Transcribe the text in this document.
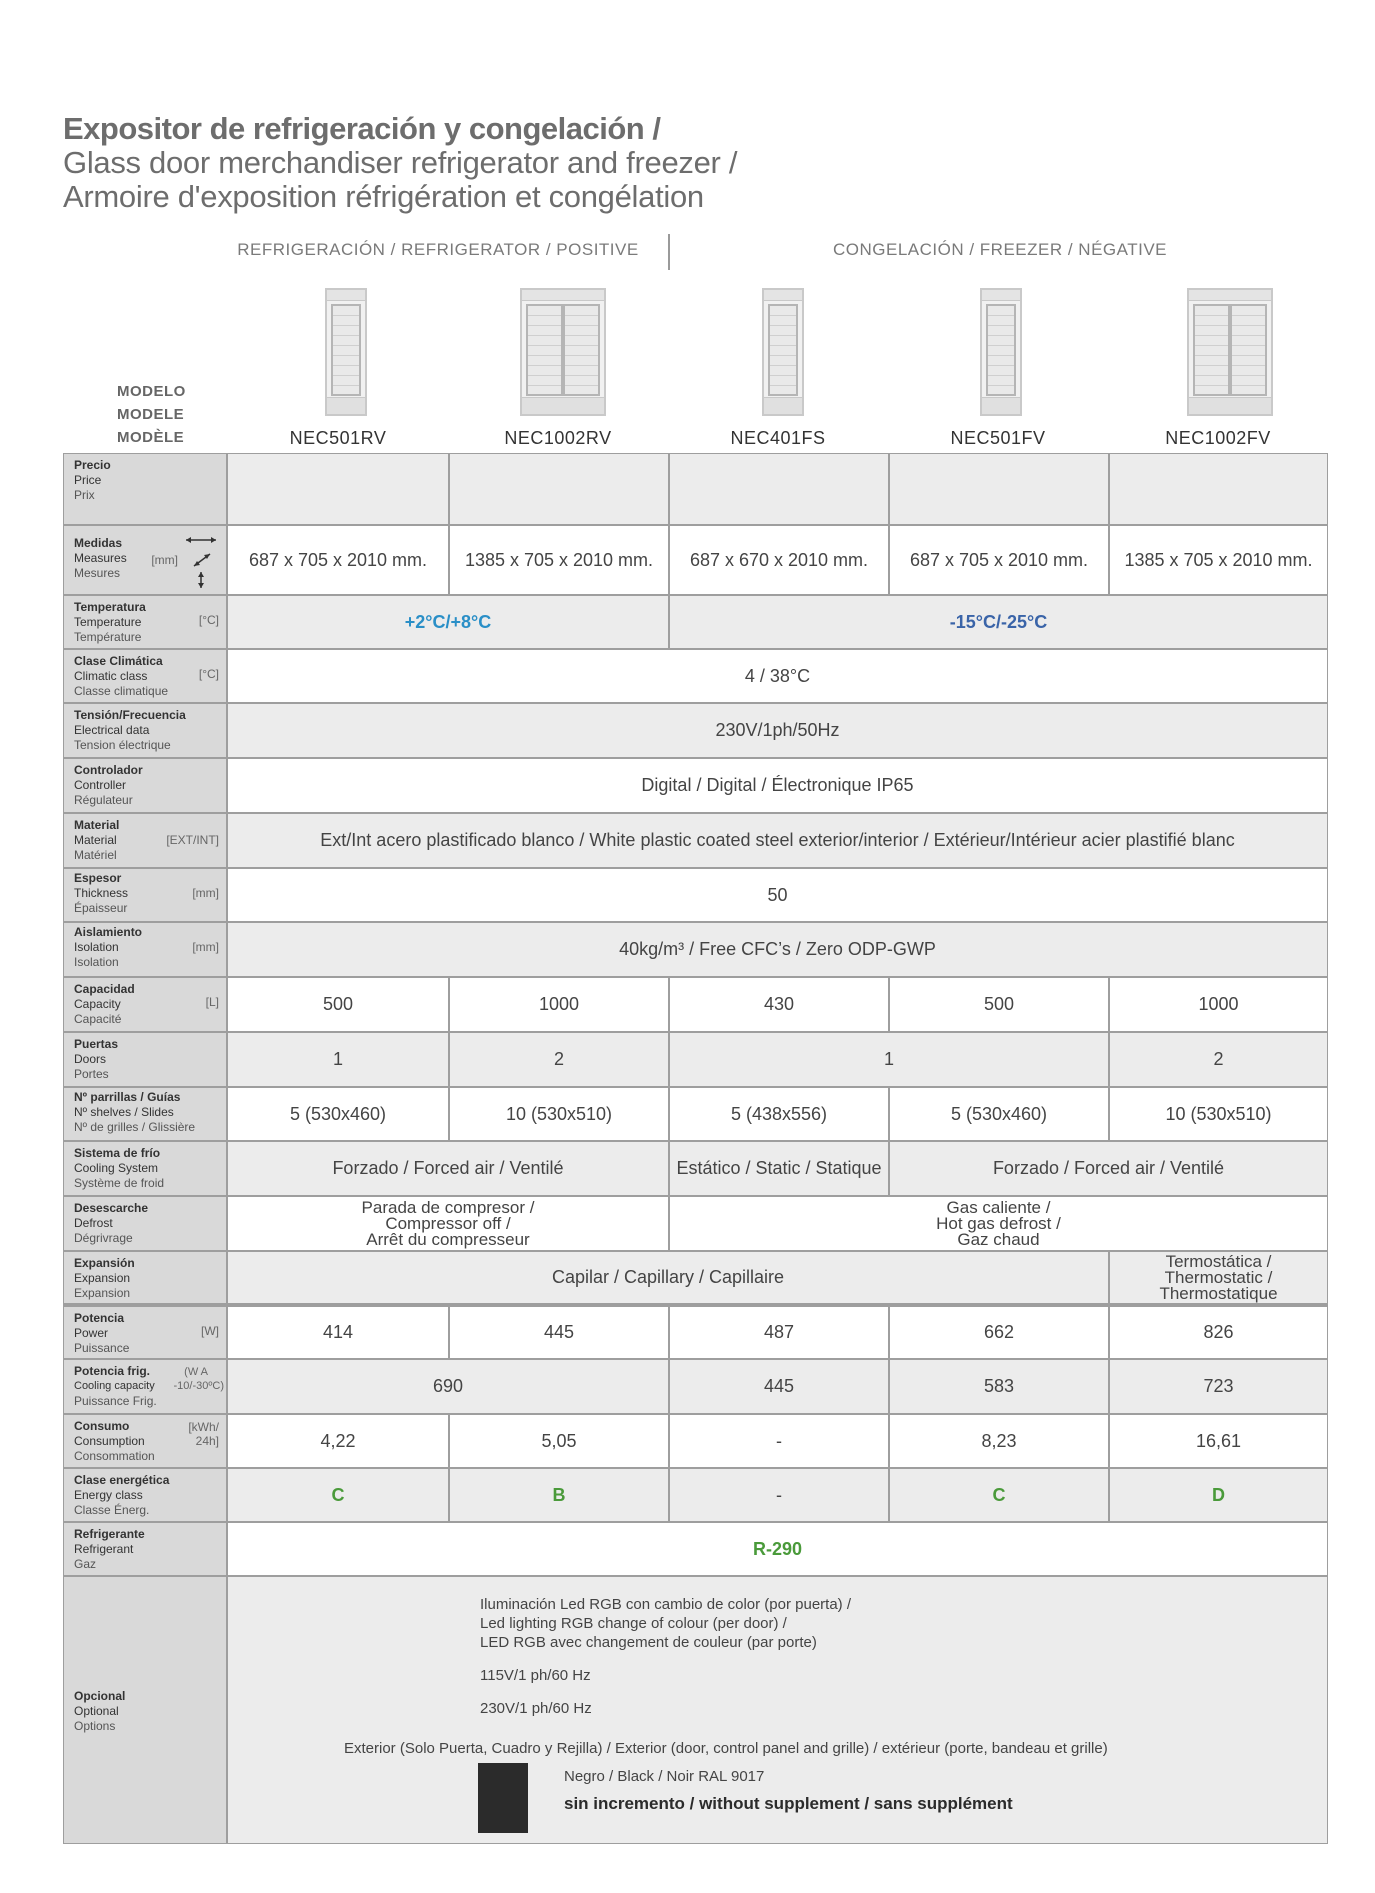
Expositor de refrigeración y congelación /
Glass door merchandiser refrigerator and freezer /
Armoire d'exposition réfrigération et congélation
REFRIGERACIÓN / REFRIGERATOR / POSITIVE	CONGELACIÓN / FREEZER / NÉGATIVE
MODELO
MODELE
MODÈLE	NEC501RV	NEC1002RV	NEC401FS	NEC501FV	NEC1002FV
Precio
Price
Prix
Medidas
Measures
Mesures
[mm]	687 x 705 x 2010 mm.	1385 x 705 x 2010 mm.	687 x 670 x 2010 mm.	687 x 705 x 2010 mm.	1385 x 705 x 2010 mm.
Temperatura
Temperature
Température
[°C]	+2°C/+8°C	-15°C/-25°C
Clase Climática
Climatic class
Classe climatique
[°C]	4 / 38°C
Tensión/Frecuencia
Electrical data
Tension électrique
230V/1ph/50Hz
Controlador
Controller
Régulateur
Digital / Digital / Électronique IP65
Material
Material
Matériel
[EXT/INT]	Ext/Int acero plastificado blanco / White plastic coated steel exterior/interior / Extérieur/Intérieur acier plastifié blanc
Espesor
Thickness
Épaisseur
[mm]	50
Aislamiento
Isolation
Isolation
[mm]	40kg/m³ / Free CFC’s / Zero ODP-GWP
Capacidad
Capacity
Capacité
[L]	500	1000	430	500	1000
Puertas
Doors
Portes
1	2	1	2
Nº parrillas / Guías
Nº shelves / Slides
Nº de grilles / Glissière
5 (530x460)	10 (530x510)	5 (438x556)	5 (530x460)	10 (530x510)
Sistema de frío
Cooling System
Système de froid
Forzado / Forced air / Ventilé	Estático / Static / Statique	Forzado / Forced air / Ventilé
Desescarche
Defrost
Dégrivrage
Parada de compresor /
Compressor off /
Arrêt du compresseur
Gas caliente /
Hot gas defrost /
Gaz chaud
Expansión
Expansion
Expansion
Capilar / Capillary / Capillaire
Termostática /
Thermostatic /
Thermostatique
Potencia
Power
Puissance
[W]	414	445	487	662	826
Potencia frig.
Cooling capacity
Puissance Frig.
(W A
-10/-30ºC)	690	445	583	723
Consumo
Consumption
Consommation
[kWh/
24h]	4,22	5,05	-	8,23	16,61
Clase energética
Energy class
Classe Énerg.
C	B	-	C	D
Refrigerante
Refrigerant
Gaz
R-290
Opcional
Optional
Options
Iluminación Led RGB con cambio de color (por puerta) /
Led lighting RGB change of colour (per door) /
LED RGB avec changement de couleur (par porte)
115V/1 ph/60 Hz
230V/1 ph/60 Hz
Exterior (Solo Puerta, Cuadro y Rejilla) / Exterior (door, control panel and grille) / extérieur (porte, bandeau et grille)
Negro / Black / Noir RAL 9017
sin incremento / without supplement / sans supplément
